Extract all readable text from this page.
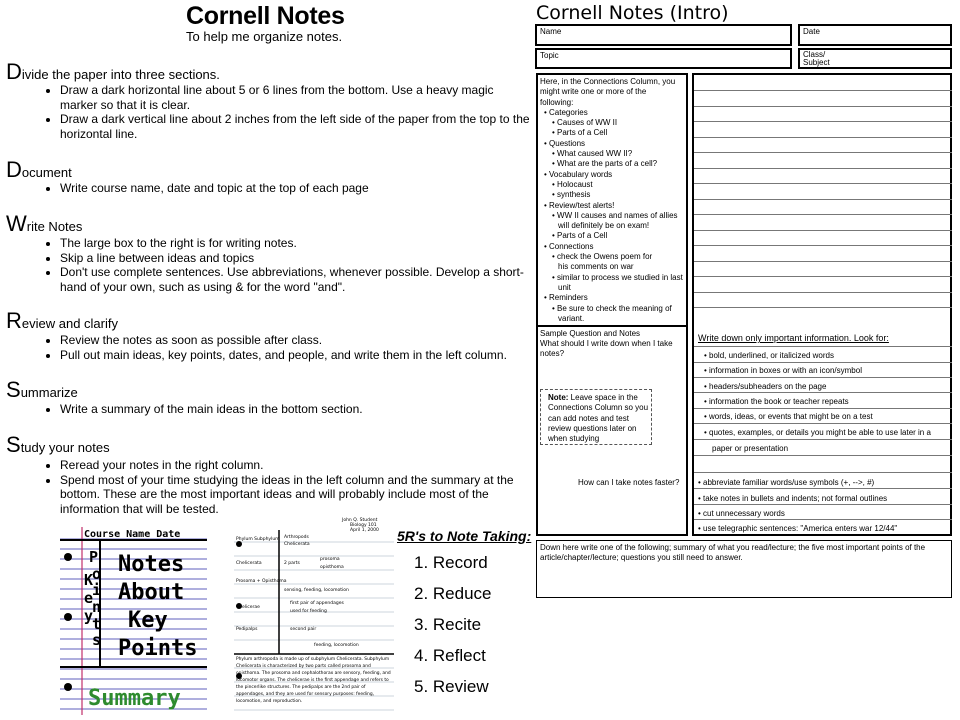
Cornell Notes
To help me organize notes.
Divide the paper into three sections.
• Draw a dark horizontal line about 5 or 6 lines from the bottom. Use a heavy magic marker so that it is clear.
• Draw a dark vertical line about 2 inches from the left side of the paper from the top to the horizontal line.
Document
• Write course name, date and topic at the top of each page
Write Notes
• The large box to the right is for writing notes.
• Skip a line between ideas and topics
• Don't use complete sentences. Use abbreviations, whenever possible. Develop a short-hand of your own, such as using & for the word "and".
Review and clarify
• Review the notes as soon as possible after class.
• Pull out main ideas, key points, dates, and people, and write them in the left column.
Summarize
• Write a summary of the main ideas in the bottom section.
Study your notes
• Reread your notes in the right column.
• Spend most of your time studying the ideas in the left column and the summary at the bottom. These are the most important ideas and will probably include most of the information that will be tested.
Course Name Date
P
o
i
n
t
s
K
e
y
Notes
About
Key
Points
Summary
John Q. Student
Biology 101
April 1, 2000
Phylum Subphylum
Chelicerata
Prosoma + Opisthoma
Chelicerae
Pedipalps
Arthropods
Chelicerata
2 parts
prosoma
opisthoma
sensing, feeding, locomotion
first pair of appendages
used for feeding
second pair
feeding, locomotion
Phylum arthropoda is made up of subphylum Chelicerata. Subphylum Chelicerata is characterized by two parts called prosoma and opisthoma. The prosoma and cephalothorax are sensory, feeding, and locomotor organs. The chelicerae is the first appendage and refers to the pincerlike structures. The pedipalps are the 2nd pair of appendages, and they are used for sensory purposes: feeding, locomotion, and reproduction.
5R's to Note Taking:
1. Record
2. Reduce
3. Recite
4. Reflect
5. Review
Cornell Notes (Intro)
Name	Date
Topic	Class/
Subject
Here, in the Connections Column, you
might write one or more of the
following:
• Categories
• Causes of WW II
• Parts of a Cell
• Questions
• What caused WW II?
• What are the parts of a cell?
• Vocabulary words
• Holocaust
• synthesis
• Review/test alerts!
• WW II causes and names of allies
will definitely be on exam!
• Parts of a Cell
• Connections
• check the Owens poem for
his comments on war
• similar to process we studied in last
unit
• Reminders
• Be sure to check the meaning of
variant.
Sample Question and Notes
What should I write down when I take notes?
Note: Leave space in the Connections Column so you can add notes and test review questions later on when studying
How can I take notes faster?
Write down only important information. Look for:
• bold, underlined, or italicized words
• information in boxes or with an icon/symbol
• headers/subheaders on the page
• information the book or teacher repeats
• words, ideas, or events that might be on a test
• quotes, examples, or details you might be able to use later in a
paper or presentation
• abbreviate familiar words/use symbols (+, -->, #)
• take notes in bullets and indents; not formal outlines
• cut unnecessary words
• use telegraphic sentences: "America enters war 12/44"
Down here write one of the following; summary of what you read/lecture; the five most important points of the article/chapter/lecture; questions you still need to answer.
